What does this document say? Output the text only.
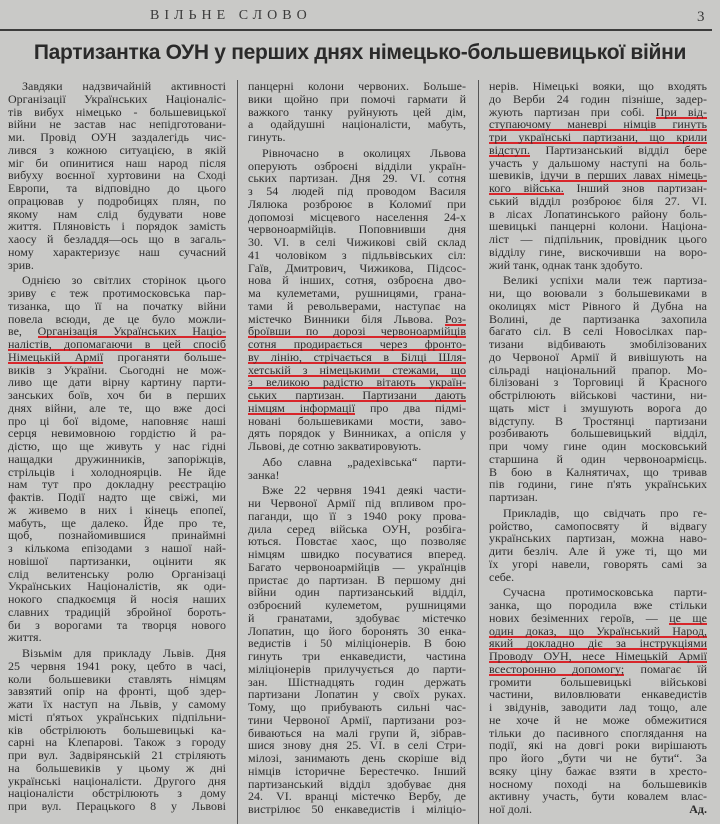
ВІЛЬНЕ СЛОВО	3
Партизантка ОУН у перших днях німецько-большевицької війни
Завдяки надзвичайній активності
Організації Українських Націоналіс-
тів вибух німецько - большевицької
війни не застав нас непідготовани-
ми. Провід ОУН заздалегідь чис-
лився з кожною ситуацією, в якій
міг би опинитися наш народ після
вибуху воєнної хуртовини на Сході
Европи, та відповідно до цього
опрацював у подробицях плян, по
якому нам слід будувати нове
життя. Пляновість і порядок замість
хаосу й безладдя—ось що в загаль-
ному характеризує наш сучасний
зрив.
Однією зо світлих сторінок цього
зриву є теж протимосковська пар-
тизанка, що її на початку війни
повела всюди, де це було можли-
ве, Організація Українських Націо-
налістів, допомагаючи в цей спосіб
Німецькій Армії проганяти больше-
виків з України. Сьогодні не мож-
ливо ще дати вірну картину парти-
занських боїв, хоч би в перших
днях війни, але те, що вже досі
про ці бої відоме, наповняє наші
серця невимовною гордістю й ра-
дістю, що ще живуть у нас гідні
нащадки дружинників, запоріжців,
стрільців і холодноярців. Не йде
нам тут про докладну реєстрацію
фактів. Події надто ще свіжі, ми
ж живемо в них і кінець епопеї,
мабуть, ще далеко. Йде про те,
щоб, познайомившися принаймні
з кількома епізодами з нашої най-
новішої партизанки, оцінити як
слід велитенську ролю Організаці
Українських Націоналістів, як оди-
нокого спадкоємця й носія наших
славних традицій збройної бороть-
би з ворогами та творця нового
життя.
Візьмім для прикладу Львів. Дня
25 червня 1941 року, цебто в часі,
коли большевики ставлять німцям
завзятий опір на фронті, щоб здер-
жати їх наступ на Львів, у самому
місті п'ятьох українських підпільни-
ків обстрілюють большевицькі ка-
сарні на Клепарові. Також з городу
при вул. Задвірянській 21 стріляють
на большевиків у цьому ж дні
українські націоналісти. Другого дня
націоналісти обстрілюють з дому
при вул. Перацького 8 у Львові
панцерні колони червоних. Больше-
вики щойно при помочі гармати й
важкого танку руйнують цей дім,
а одайдушні націоналісти, мабуть,
гинуть.
Рівночасно в околицях Львова
оперують озброєні відділи україн-
ських партизан. Дня 29. VI. сотня
з 54 людей під проводом Василя
Лялюка розброює в Коломиї при
допомозі місцевого населення 24-х
червоноармійців. Поповнивши дня
30. VI. в селі Чижикові свій склад
41 чоловіком з підльвівських сіл:
Гаїв, Дмитрович, Чижикова, Підсос-
нова й інших, сотня, озброєна дво-
ма кулеметами, рушницями, грана-
тами й револьверами, наступає на
містечко Винники біля Львова. Роз-
броївши по дорозі червоноармійців
сотня продирається через фронто-
ву лінію, стрічається в Білці Шля-
хетській з німецькими стежами, що
з великою радістю вітають україн-
ських партизан. Партизани дають
німцям інформації про два підмі-
новані большевиками мости, заво-
дять порядок у Винниках, а опісля у
Львові, де сотню закватировують.
Або славна „радехівська“ парти-
занка!
Вже 22 червня 1941 деякі части-
ни Червоної Армії під впливом про-
паганди, що її з 1940 року прова-
дила серед війська ОУН, розбіга-
ються. Повстає хаос, що позволяє
німцям швидко посуватися вперед.
Багато червоноармійців — українців
пристає до партизан. В першому дні
війни один партизанський відділ,
озброєний кулеметом, рушницями
й гранатами, здобуває містечко
Лопатин, що його боронять 30 енка-
ведистів і 50 міліціонерів. В бою
гинуть три енкаведисти, частина
міліціонерів прилучується до парти-
зан. Шістнадцять годин держать
партизани Лопатин у своїх руках.
Тому, що прибувають сильні час-
тини Червоної Армії, партизани роз-
биваються на малі групи й, зібрав-
шися знову дня 25. VI. в селі Стри-
мілозі, занимають день скоріше від
німців історичне Берестечко. Інший
партизанський відділ здобуває дня
24. VI. вранці містечко Вербу, де
вистрілює 50 енкаведистів і міліціо-
нерів. Німецькі вояки, що входять
до Верби 24 годин пізніше, задер-
жують партизан при собі. При від-
ступаючому маневрі німців гинуть
три українські партизани, що крили
відступ. Партизанський відділ бере
участь у дальшому наступі на боль-
шевиків, ідучи в перших лавах німець-
кого війська. Інший знов партизан-
ський відділ розброює біля 27. VI.
в лісах Лопатинського району боль-
шевицькі панцерні колони. Націона-
ліст — підпільник, провідник цього
відділу гине, вискочивши на воро-
жий танк, однак танк здобуто.
Великі успіхи мали теж партиза-
ни, що воювали з большевиками в
околицях міст Рівного й Дубна на
Волині, де партизанка захопила
багато сіл. В селі Новосілках пар-
тизани відбивають змобілізованих
до Червоної Армії й вивішують на
сільраді національний прапор. Мо-
білізовані з Торговиці й Красного
обстрілюють військові частини, ни-
щать міст і змушують ворога до
відступу. В Тростянці партизани
розбивають большевицький відділ,
при чому гине один московський
старшина й один червоноармієць.
В бою в Калнятичах, що тривав
пів години, гине п'ять українських
партизан.
Прикладів, що свідчать про ге-
ройство, самопосвяту й відвагу
українських партизан, можна наво-
дити безліч. Але й уже ті, що ми
їх угорі навели, говорять самі за
себе.
Сучасна протимосковська парти-
занка, що породила вже стільки
нових безіменних героїв, — це ще
один доказ, що Український Народ,
який докладно діє за інструкціями
Проводу ОУН, несе Німецькій Армії
всесторонню допомогу; помагає їй
громити большевицькі військові
частини, виловлювати енкаведистів
і звідунів, заводити лад тощо, але
не хоче й не може обмежитися
тільки до пасивного споглядання на
події, які на довгі роки вирішають
про його „бути чи не бути“. За
всяку ціну бажає взяти в хресто-
носному поході на большевиків
активну участь, бути ковалем влас-
Ад.
ної долі.
